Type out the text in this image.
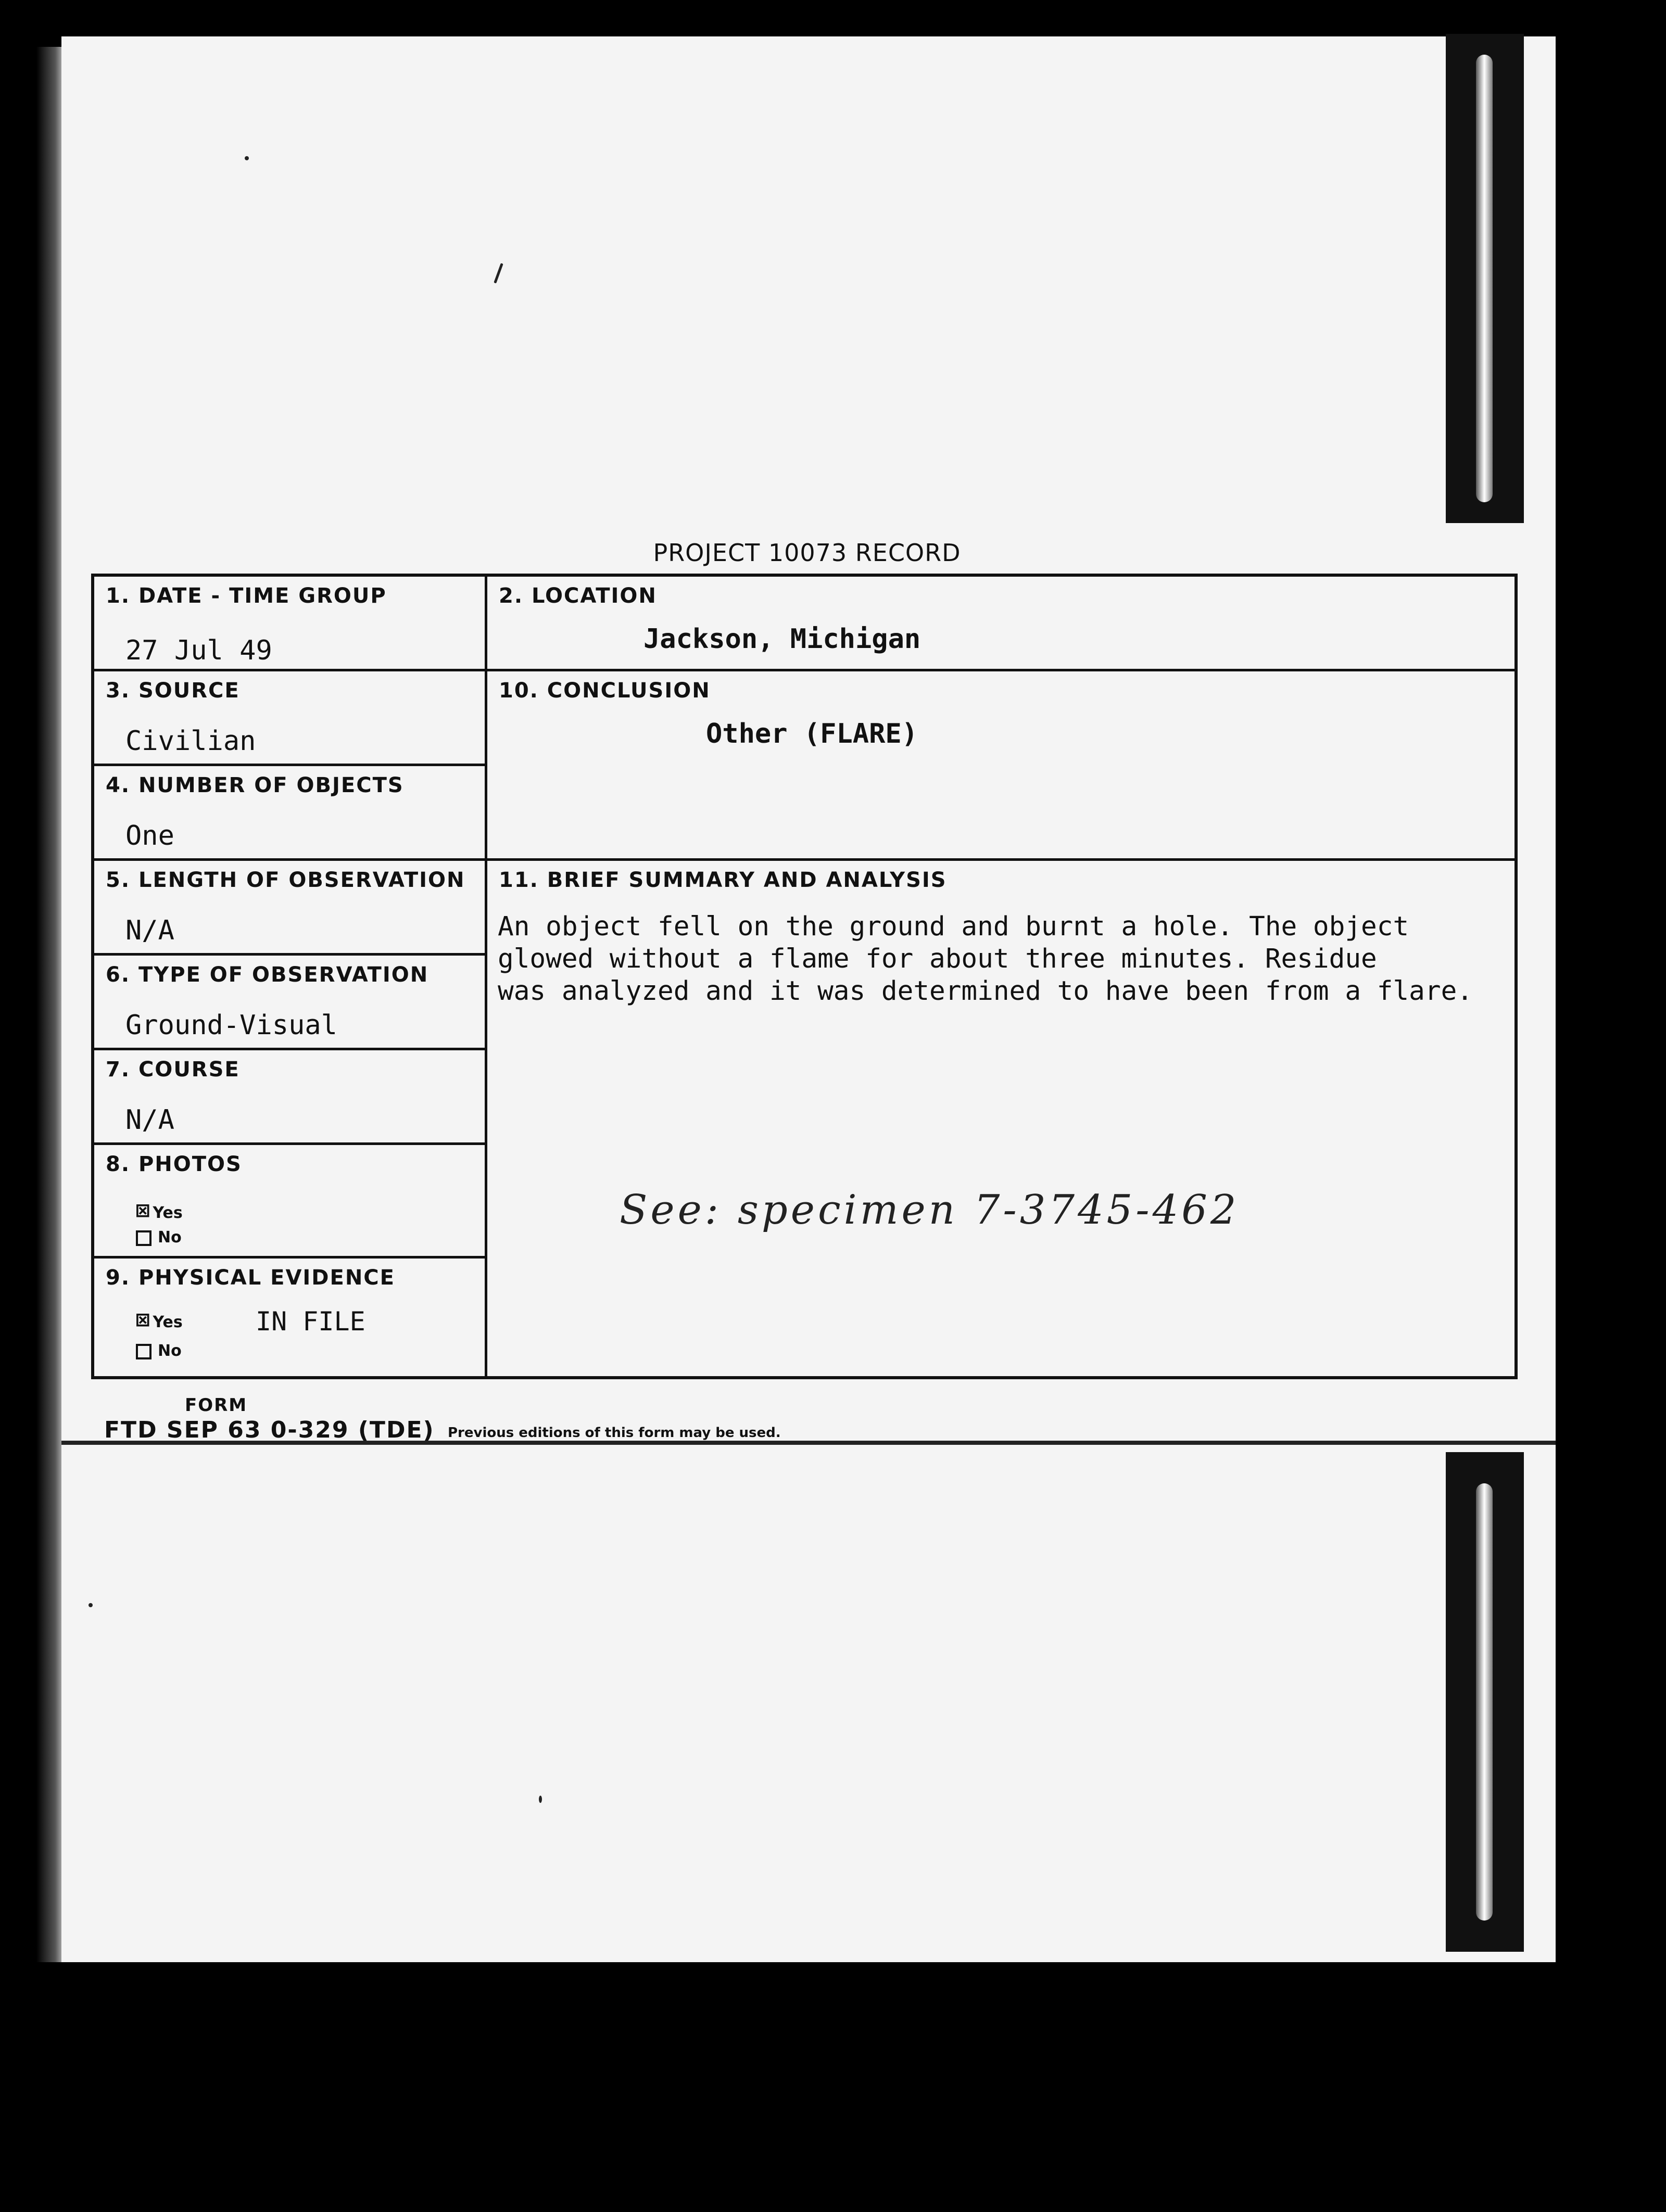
PROJECT 10073 RECORD
1. DATE - TIME GROUP
27 Jul 49
3. SOURCE
Civilian
4. NUMBER OF OBJECTS
One
5. LENGTH OF OBSERVATION
N/A
6. TYPE OF OBSERVATION
Ground-Visual
7. COURSE
N/A
8. PHOTOS
⊠ Yes
No
9. PHYSICAL EVIDENCE
⊠ Yes	IN FILE
No
2. LOCATION
Jackson, Michigan
10. CONCLUSION
Other (FLARE)
11. BRIEF SUMMARY AND ANALYSIS
An object fell on the ground and burnt a hole. The object
glowed without a flame for about three minutes. Residue
was analyzed and it was determined to have been from a flare.
See: specimen 7-3745-462
FORM
FTD SEP 63 0-329 (TDE) Previous editions of this form may be used.
